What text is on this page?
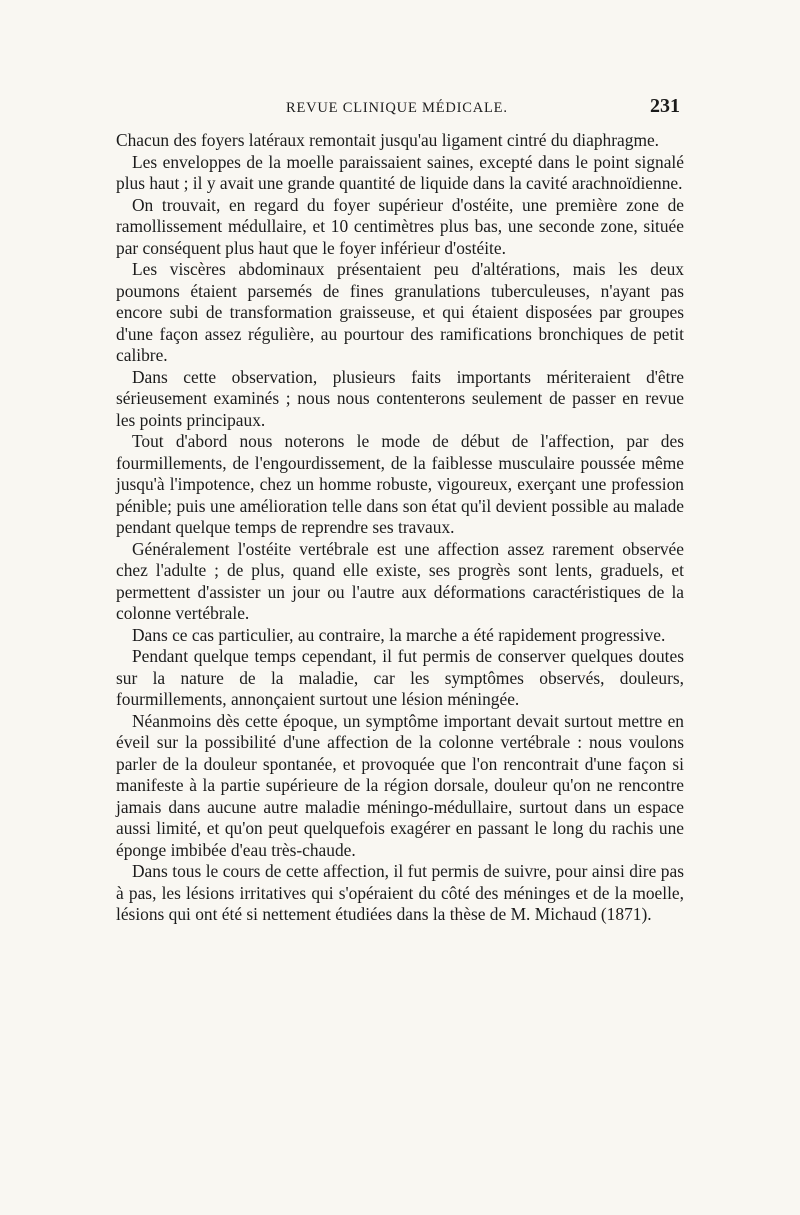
REVUE CLINIQUE MÉDICALE.	231

Chacun des foyers latéraux remontait jusqu'au ligament cintré du diaphragme.

Les enveloppes de la moelle paraissaient saines, excepté dans le point signalé plus haut ; il y avait une grande quantité de liquide dans la cavité arachnoïdienne.

On trouvait, en regard du foyer supérieur d'ostéite, une première zone de ramollissement médullaire, et 10 centimètres plus bas, une seconde zone, située par conséquent plus haut que le foyer inférieur d'ostéite.

Les viscères abdominaux présentaient peu d'altérations, mais les deux poumons étaient parsemés de fines granulations tuberculeuses, n'ayant pas encore subi de transformation graisseuse, et qui étaient disposées par groupes d'une façon assez régulière, au pourtour des ramifications bronchiques de petit calibre.

Dans cette observation, plusieurs faits importants mériteraient d'être sérieusement examinés ; nous nous contenterons seulement de passer en revue les points principaux.

Tout d'abord nous noterons le mode de début de l'affection, par des fourmillements, de l'engourdissement, de la faiblesse musculaire poussée même jusqu'à l'impotence, chez un homme robuste, vigoureux, exerçant une profession pénible; puis une amélioration telle dans son état qu'il devient possible au malade pendant quelque temps de reprendre ses travaux.

Généralement l'ostéite vertébrale est une affection assez rarement observée chez l'adulte ; de plus, quand elle existe, ses progrès sont lents, graduels, et permettent d'assister un jour ou l'autre aux déformations caractéristiques de la colonne vertébrale.

Dans ce cas particulier, au contraire, la marche a été rapidement progressive.

Pendant quelque temps cependant, il fut permis de conserver quelques doutes sur la nature de la maladie, car les symptômes observés, douleurs, fourmillements, annonçaient surtout une lésion méningée.

Néanmoins dès cette époque, un symptôme important devait surtout mettre en éveil sur la possibilité d'une affection de la colonne vertébrale : nous voulons parler de la douleur spontanée, et provoquée que l'on rencontrait d'une façon si manifeste à la partie supérieure de la région dorsale, douleur qu'on ne rencontre jamais dans aucune autre maladie méningo-médullaire, surtout dans un espace aussi limité, et qu'on peut quelquefois exagérer en passant le long du rachis une éponge imbibée d'eau très-chaude.

Dans tous le cours de cette affection, il fut permis de suivre, pour ainsi dire pas à pas, les lésions irritatives qui s'opéraient du côté des méninges et de la moelle, lésions qui ont été si nettement étudiées dans la thèse de M. Michaud (1871).
